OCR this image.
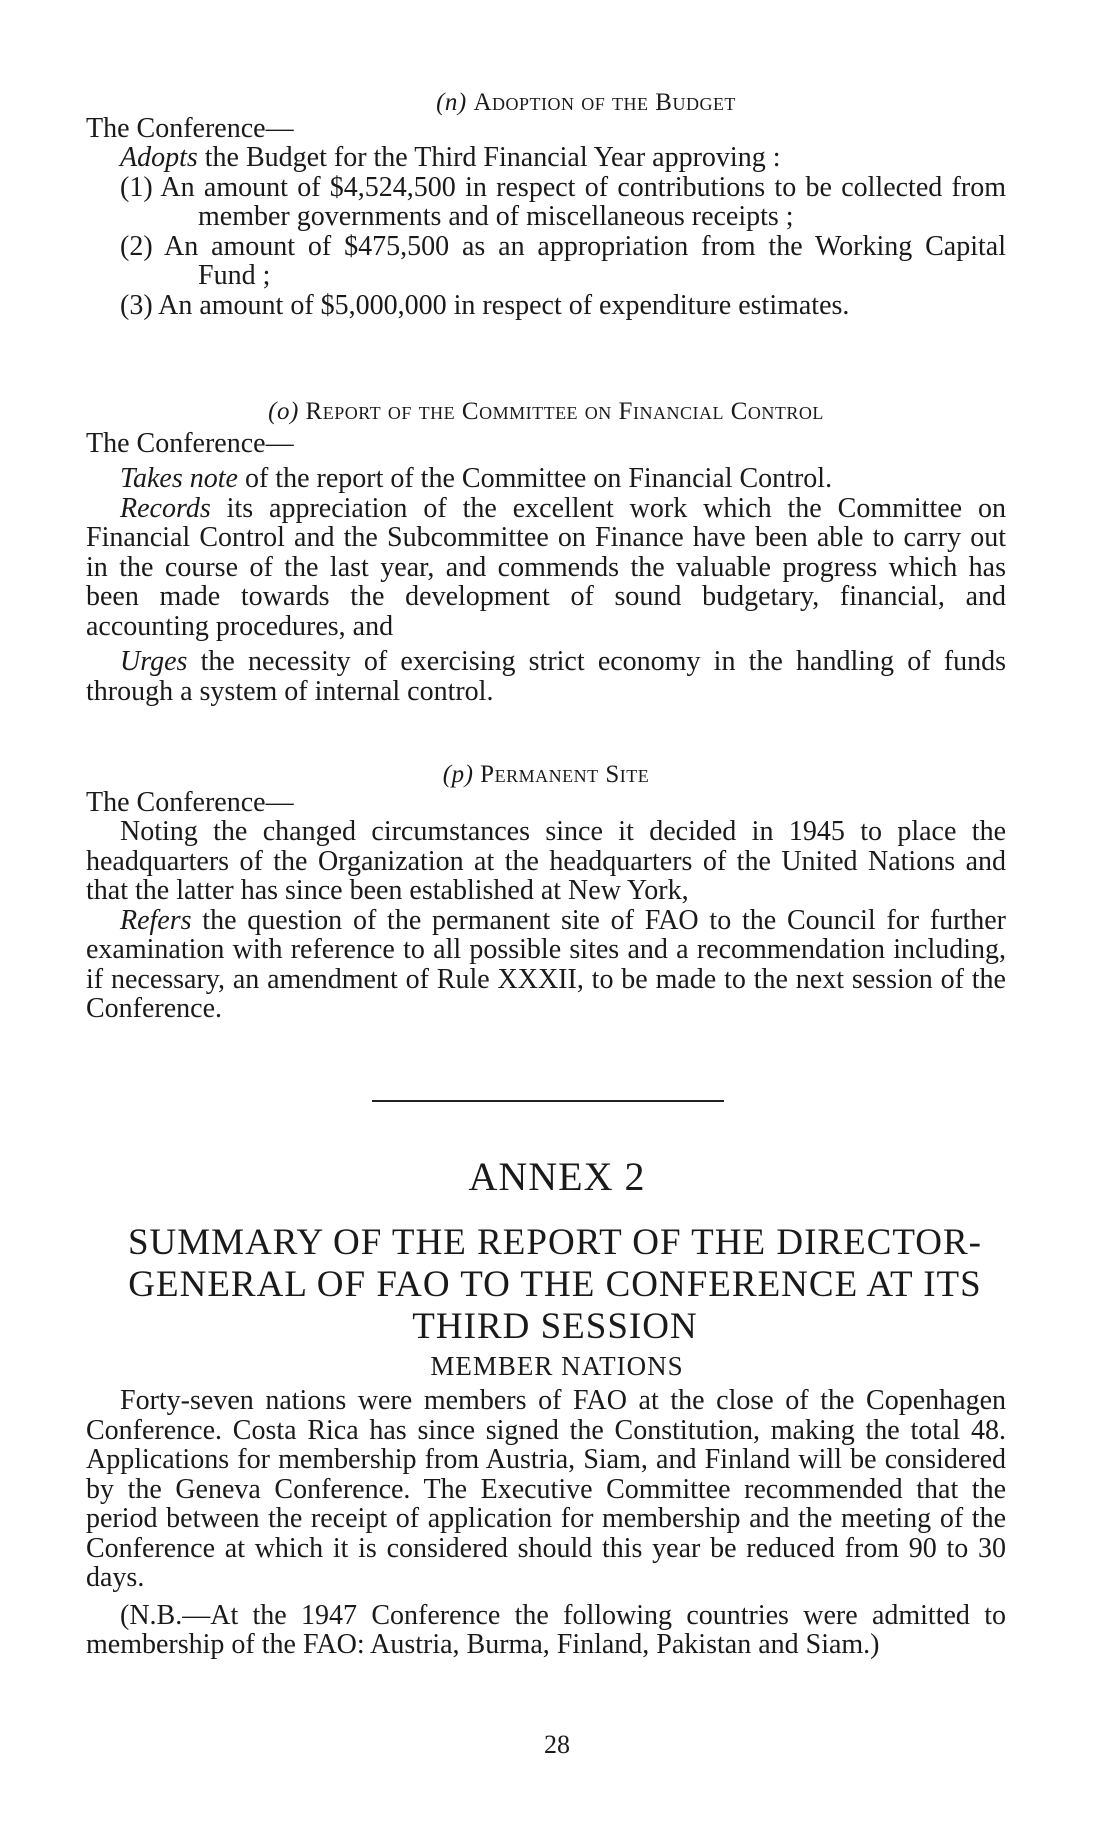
(n) Adoption of the Budget

The Conference—

Adopts the Budget for the Third Financial Year approving :

(1) An amount of $4,524,500 in respect of contributions to be collected from member governments and of miscellaneous receipts ;

(2) An amount of $475,500 as an appropriation from the Working Capital Fund ;

(3) An amount of $5,000,000 in respect of expenditure estimates.

(o) Report of the Committee on Financial Control

The Conference—

Takes note of the report of the Committee on Financial Control.

Records its appreciation of the excellent work which the Committee on Financial Control and the Subcommittee on Finance have been able to carry out in the course of the last year, and commends the valuable progress which has been made towards the development of sound budgetary, financial, and accounting procedures, and

Urges the necessity of exercising strict economy in the handling of funds through a system of internal control.

(p) Permanent Site

The Conference—

Noting the changed circumstances since it decided in 1945 to place the headquarters of the Organization at the headquarters of the United Nations and that the latter has since been established at New York,

Refers the question of the permanent site of FAO to the Council for further examination with reference to all possible sites and a recommendation including, if necessary, an amendment of Rule XXXII, to be made to the next session of the Conference.

ANNEX 2
SUMMARY OF THE REPORT OF THE DIRECTOR-GENERAL OF FAO TO THE CONFERENCE AT ITS THIRD SESSION
MEMBER NATIONS

Forty-seven nations were members of FAO at the close of the Copenhagen Conference. Costa Rica has since signed the Constitution, making the total 48. Applications for membership from Austria, Siam, and Finland will be considered by the Geneva Conference. The Executive Committee recommended that the period between the receipt of application for membership and the meeting of the Conference at which it is considered should this year be reduced from 90 to 30 days.

(N.B.—At the 1947 Conference the following countries were admitted to membership of the FAO: Austria, Burma, Finland, Pakistan and Siam.)

28
